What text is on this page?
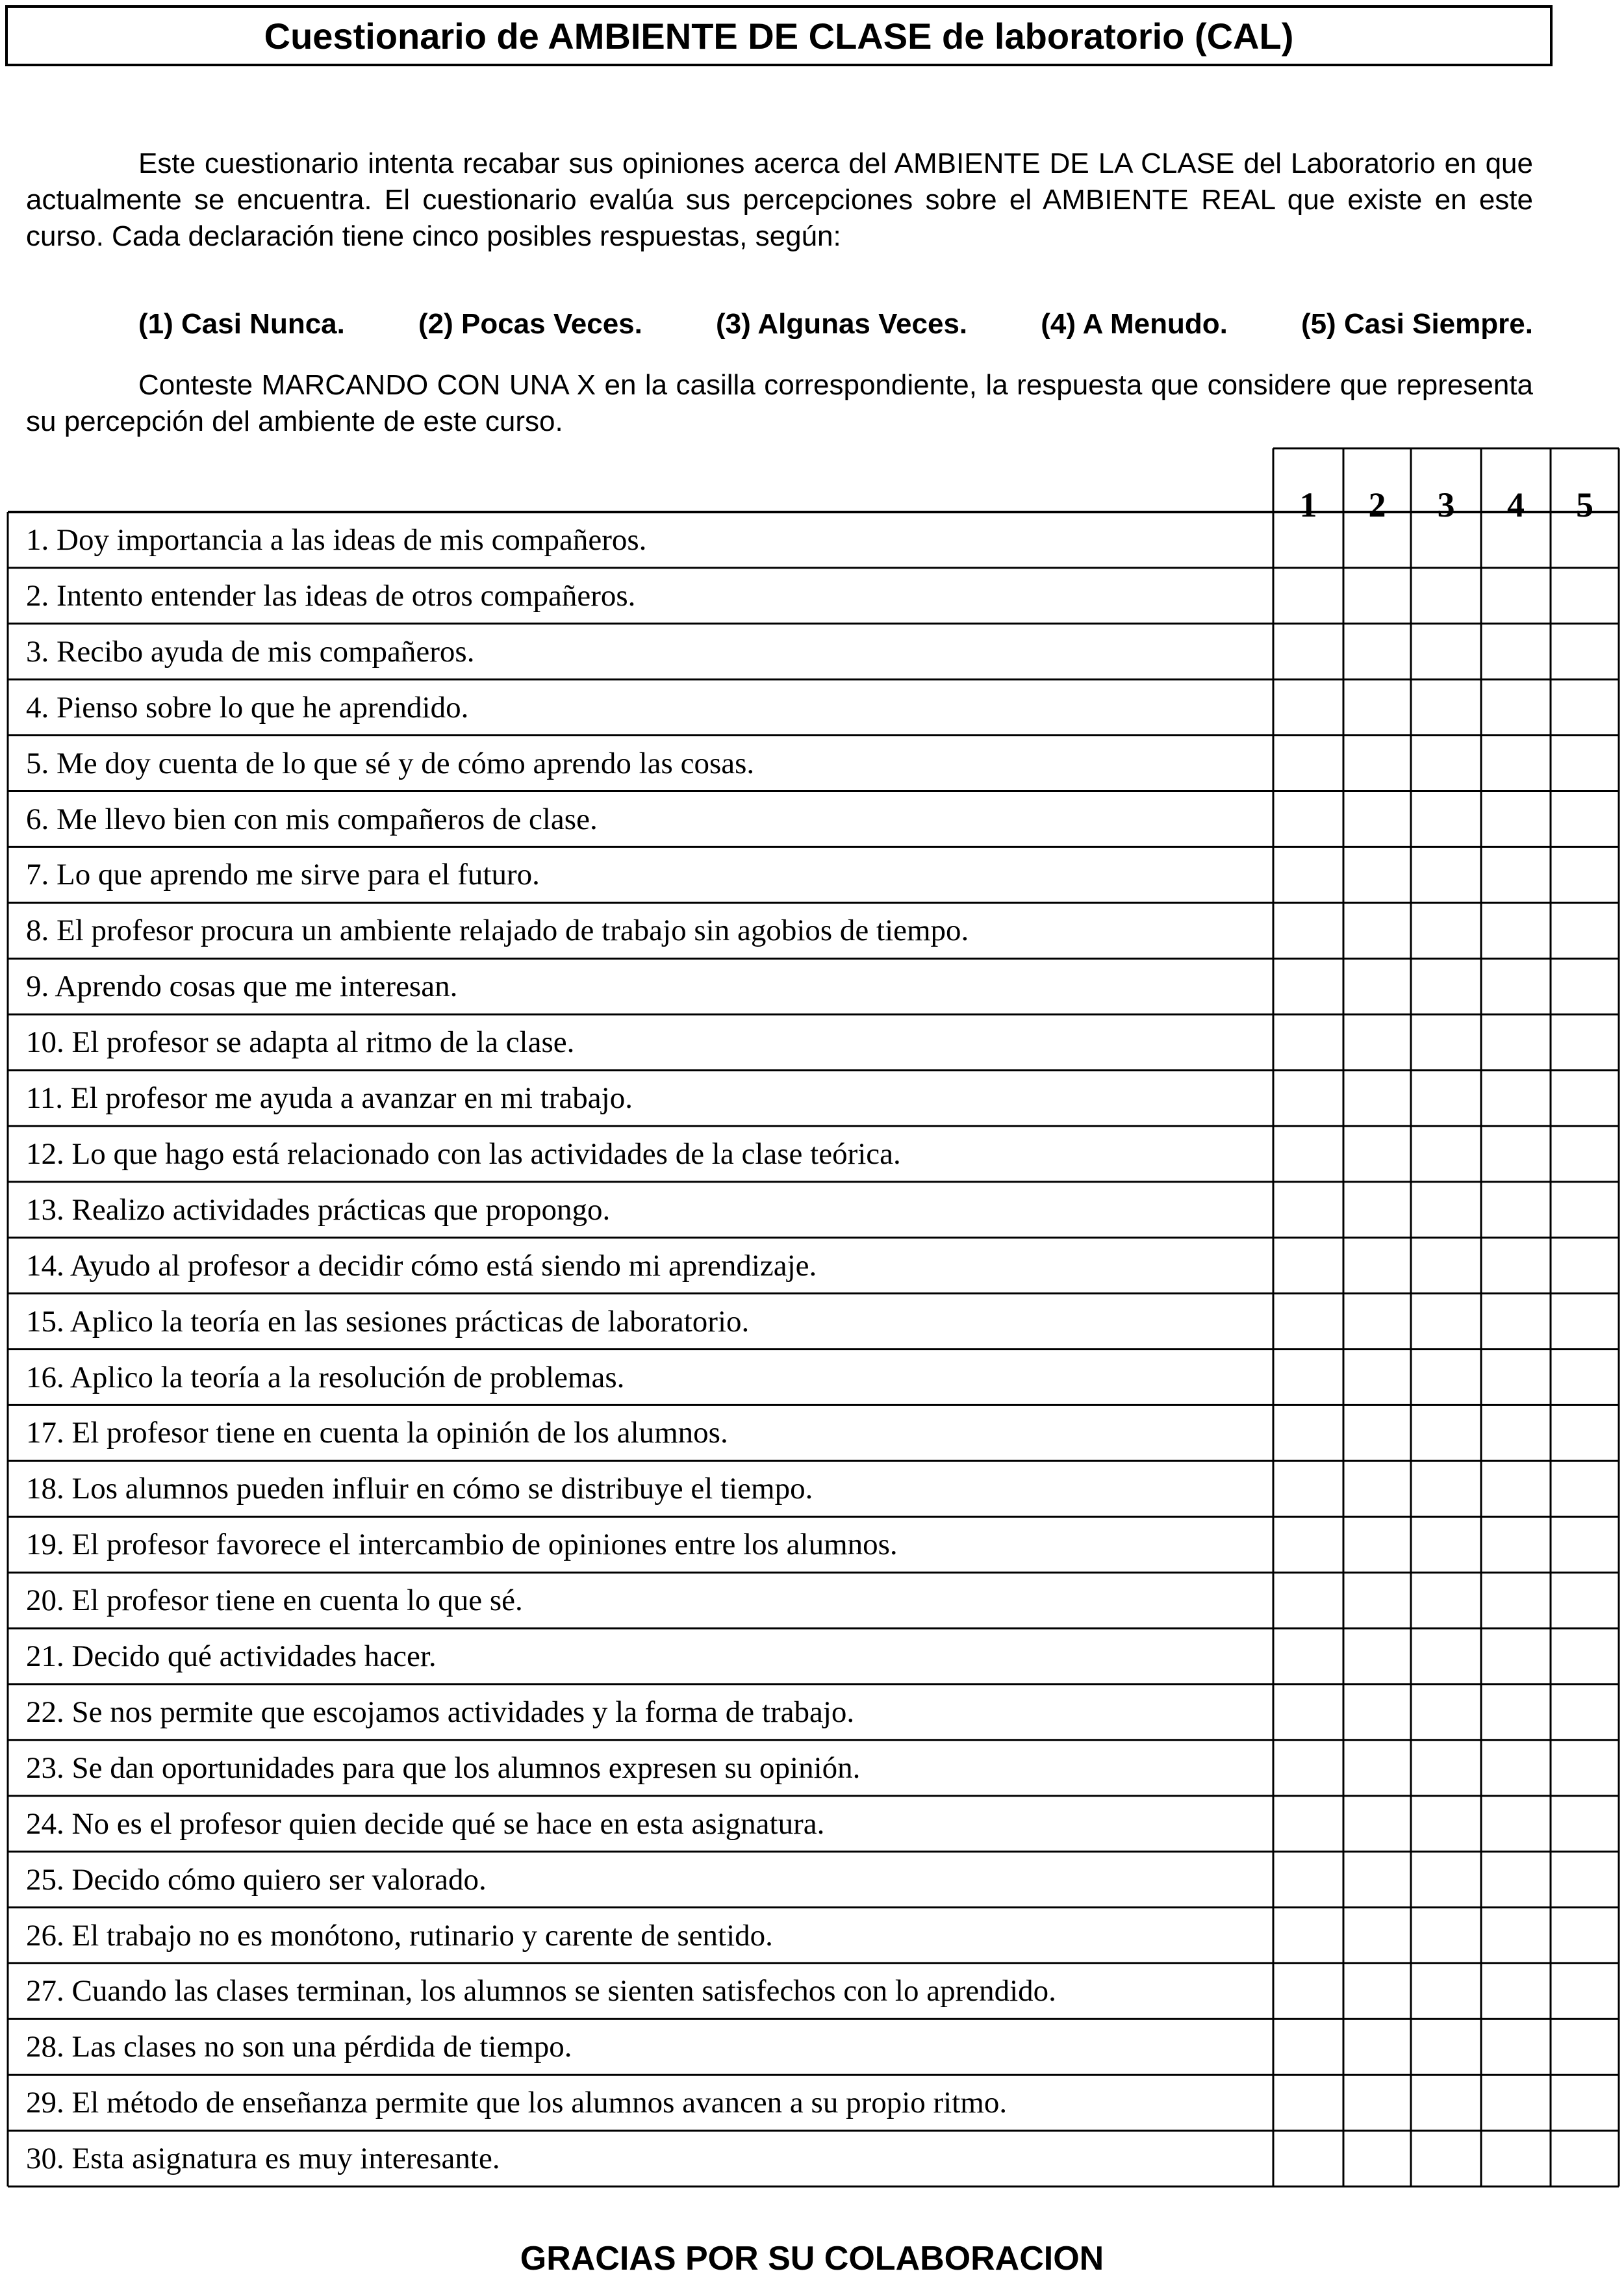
Cuestionario de AMBIENTE DE CLASE de laboratorio (CAL)

Este cuestionario intenta recabar sus opiniones acerca del AMBIENTE DE LA CLASE del Laboratorio en que actualmente se encuentra. El cuestionario evalúa sus percepciones sobre el AMBIENTE REAL que existe en este curso. Cada declaración tiene cinco posibles respuestas, según:

(1) Casi Nunca.	(2) Pocas Veces.	(3) Algunas Veces.	(4) A Menudo.	(5) Casi Siempre.

Conteste MARCANDO CON UNA X en la casilla correspondiente, la respuesta que considere que representa su percepción del ambiente de este curso.

1	2	3	4	5
1. Doy importancia a las ideas de mis compañeros.
2. Intento entender las ideas de otros compañeros.
3. Recibo ayuda de mis compañeros.
4. Pienso sobre lo que he aprendido.
5. Me doy cuenta de lo que sé y de cómo aprendo las cosas.
6. Me llevo bien con mis compañeros de clase.
7. Lo que aprendo me sirve para el futuro.
8. El profesor procura un ambiente relajado de trabajo sin agobios de tiempo.
9. Aprendo cosas que me interesan.
10. El profesor se adapta al ritmo de la clase.
11. El profesor me ayuda a avanzar en mi trabajo.
12. Lo que hago está relacionado con las actividades de la clase teórica.
13. Realizo actividades prácticas que propongo.
14. Ayudo al profesor a decidir cómo está siendo mi aprendizaje.
15. Aplico la teoría en las sesiones prácticas de laboratorio.
16. Aplico la teoría a la resolución de problemas.
17. El profesor tiene en cuenta la opinión de los alumnos.
18. Los alumnos pueden influir en cómo se distribuye el tiempo.
19. El profesor favorece el intercambio de opiniones entre los alumnos.
20. El profesor tiene en cuenta lo que sé.
21. Decido qué actividades hacer.
22. Se nos permite que escojamos actividades y la forma de trabajo.
23. Se dan oportunidades para que los alumnos expresen su opinión.
24. No es el profesor quien decide qué se hace en esta asignatura.
25. Decido cómo quiero ser valorado.
26. El trabajo no es monótono, rutinario y carente de sentido.
27. Cuando las clases terminan, los alumnos se sienten satisfechos con lo aprendido.
28. Las clases no son una pérdida de tiempo.
29. El método de enseñanza permite que los alumnos avancen a su propio ritmo.
30. Esta asignatura es muy interesante.
GRACIAS POR SU COLABORACION
